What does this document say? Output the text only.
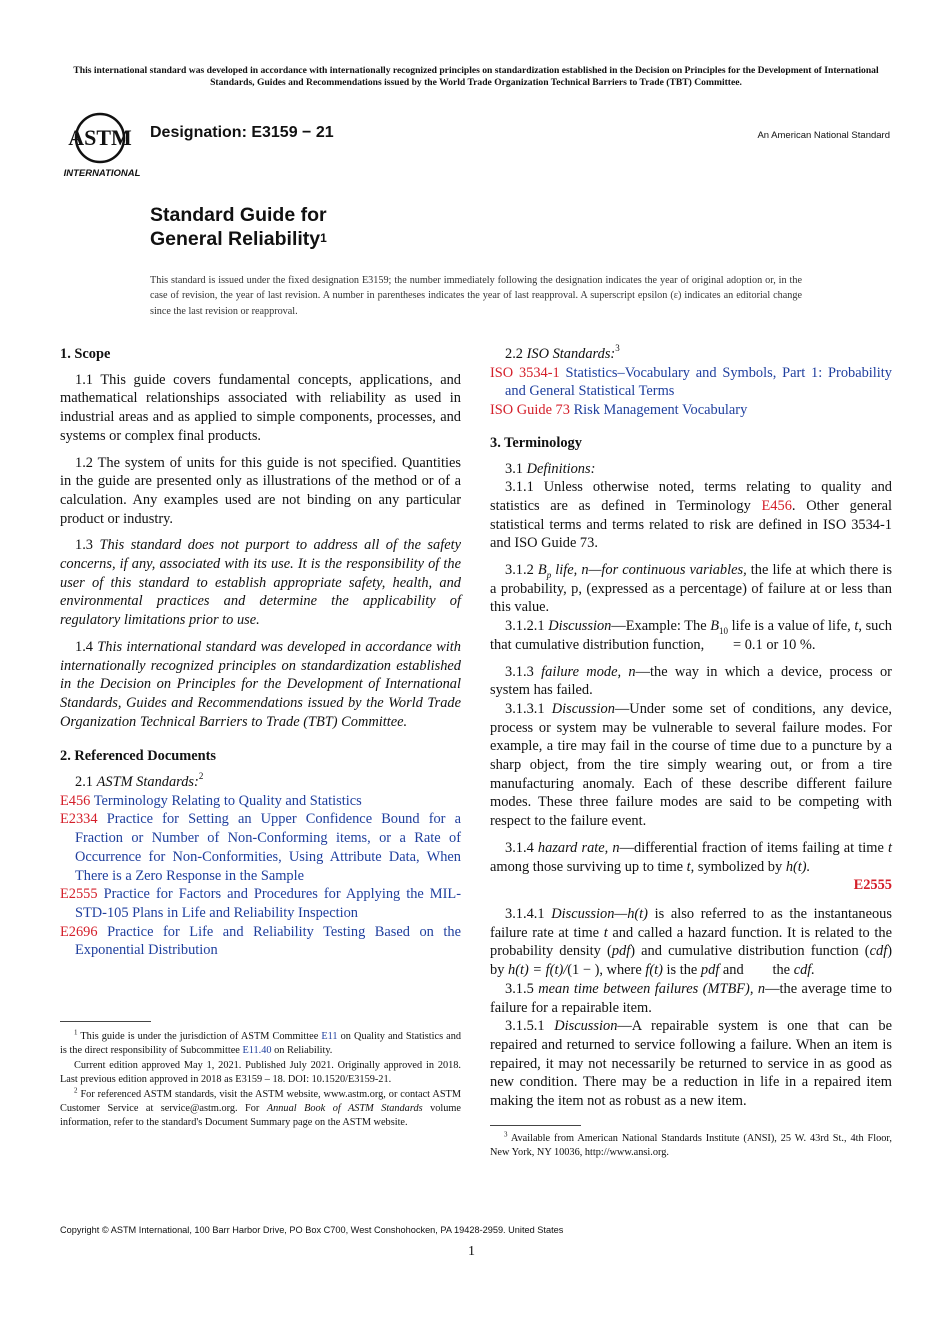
This international standard was developed in accordance with internationally recognized principles on standardization established in the Decision on Principles for the Development of International Standards, Guides and Recommendations issued by the World Trade Organization Technical Barriers to Trade (TBT) Committee.
ASTM
INTERNATIONAL
Designation: E3159 − 21	An American National Standard
Standard Guide for
General Reliability$^1$
This standard is issued under the fixed designation E3159; the number immediately following the designation indicates the year of original adoption or, in the case of revision, the year of last revision. A number in parentheses indicates the year of last reapproval. A superscript epsilon (ε) indicates an editorial change since the last revision or reapproval.
1. Scope

1.1 This guide covers fundamental concepts, applications, and mathematical relationships associated with reliability as used in industrial areas and as applied to simple components, processes, and systems or complex final products.

1.2 The system of units for this guide is not specified. Quantities in the guide are presented only as illustrations of the method or of a calculation. Any examples used are not binding on any particular product or industry.

1.3 This standard does not purport to address all of the safety concerns, if any, associated with its use. It is the responsibility of the user of this standard to establish appropriate safety, health, and environmental practices and determine the applicability of regulatory limitations prior to use.

1.4 This international standard was developed in accordance with internationally recognized principles on standardization established in the Decision on Principles for the Development of International Standards, Guides and Recommendations issued by the World Trade Organization Technical Barriers to Trade (TBT) Committee.

2. Referenced Documents

2.1 ASTM Standards:$^2$

E456 Terminology Relating to Quality and Statistics

E2334 Practice for Setting an Upper Confidence Bound for a Fraction or Number of Non-Conforming items, or a Rate of Occurrence for Non-Conformities, Using Attribute Data, When There is a Zero Response in the Sample

E2555 Practice for Factors and Procedures for Applying the MIL-STD-105 Plans in Life and Reliability Inspection

E2696 Practice for Life and Reliability Testing Based on the Exponential Distribution

2.2 ISO Standards:$^3$

ISO 3534-1 Statistics–Vocabulary and Symbols, Part 1: Probability and General Statistical Terms

ISO Guide 73 Risk Management Vocabulary

3. Terminology

3.1 Definitions:

3.1.1 Unless otherwise noted, terms relating to quality and statistics are as defined in Terminology E456. Other general statistical terms and terms related to risk are defined in ISO 3534-1 and ISO Guide 73.

3.1.2 $B_p$ life, n—for continuous variables, the life at which there is a probability, p, (expressed as a percentage) of failure at or less than this value.

3.1.2.1 Discussion—Example: The $B_{10}$ life is a value of life, t, such that cumulative distribution function, = 0.1 or 10 %.

3.1.3 failure mode, n—the way in which a device, process or system has failed.

3.1.3.1 Discussion—Under some set of conditions, any device, process or system may be vulnerable to several failure modes. For example, a tire may fail in the course of time due to a puncture by a sharp object, from the tire simply wearing out, or from a tire manufacturing anomaly. Each of these describe different failure modes. These three failure modes are said to be competing with respect to the failure event.

3.1.4 hazard rate, n—differential fraction of items failing at time t among those surviving up to time t, symbolized by h(t).

E2555

3.1.4.1 Discussion—h(t) is also referred to as the instantaneous failure rate at time t and called a hazard function. It is related to the probability density (pdf) and cumulative distribution function (cdf) by h(t) = f(t)/(1 − ), where f(t) is the pdf and the cdf.

3.1.5 mean time between failures (MTBF), n—the average time to failure for a repairable item.

3.1.5.1 Discussion—A repairable system is one that can be repaired and returned to service following a failure. When an item is repaired, it may not necessarily be returned to service in as good as new condition. There may be a reduction in life in a repaired item making the item not as robust as a new item.

$^1$ This guide is under the jurisdiction of ASTM Committee E11 on Quality and Statistics and is the direct responsibility of Subcommittee E11.40 on Reliability.

Current edition approved May 1, 2021. Published July 2021. Originally approved in 2018. Last previous edition approved in 2018 as E3159 – 18. DOI: 10.1520/E3159-21.

$^2$ For referenced ASTM standards, visit the ASTM website, www.astm.org, or contact ASTM Customer Service at service@astm.org. For Annual Book of ASTM Standards volume information, refer to the standard's Document Summary page on the ASTM website.

$^3$ Available from American National Standards Institute (ANSI), 25 W. 43rd St., 4th Floor, New York, NY 10036, http://www.ansi.org.

Copyright © ASTM International, 100 Barr Harbor Drive, PO Box C700, West Conshohocken, PA 19428-2959. United States
1
